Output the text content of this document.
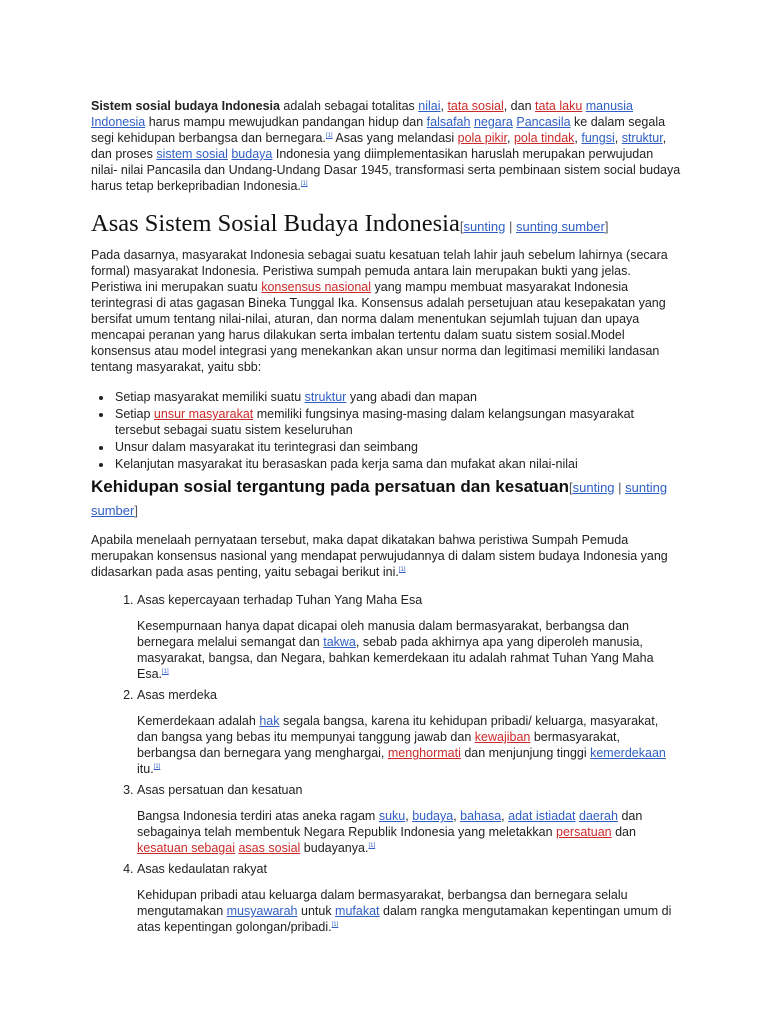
Sistem sosial budaya Indonesia adalah sebagai totalitas nilai, tata sosial, dan tata laku manusia Indonesia harus mampu mewujudkan pandangan hidup dan falsafah negara Pancasila ke dalam segala segi kehidupan berbangsa dan bernegara.[1] Asas yang melandasi pola pikir, pola tindak, fungsi, struktur, dan proses sistem sosial budaya Indonesia yang diimplementasikan haruslah merupakan perwujudan nilai- nilai Pancasila dan Undang-Undang Dasar 1945, transformasi serta pembinaan sistem social budaya harus tetap berkepribadian Indonesia.[1]

Asas Sistem Sosial Budaya Indonesia[sunting | sunting sumber]

Pada dasarnya, masyarakat Indonesia sebagai suatu kesatuan telah lahir jauh sebelum lahirnya (secara formal) masyarakat Indonesia. Peristiwa sumpah pemuda antara lain merupakan bukti yang jelas. Peristiwa ini merupakan suatu konsensus nasional yang mampu membuat masyarakat Indonesia terintegrasi di atas gagasan Bineka Tunggal Ika. Konsensus adalah persetujuan atau kesepakatan yang bersifat umum tentang nilai-nilai, aturan, dan norma dalam menentukan sejumlah tujuan dan upaya mencapai peranan yang harus dilakukan serta imbalan tertentu dalam suatu sistem sosial.Model konsensus atau model integrasi yang menekankan akan unsur norma dan legitimasi memiliki landasan tentang masyarakat, yaitu sbb:

• Setiap masyarakat memiliki suatu struktur yang abadi dan mapan
• Setiap unsur masyarakat memiliki fungsinya masing-masing dalam kelangsungan masyarakat tersebut sebagai suatu sistem keseluruhan
• Unsur dalam masyarakat itu terintegrasi dan seimbang
• Kelanjutan masyarakat itu berasaskan pada kerja sama dan mufakat akan nilai-nilai
Kehidupan sosial tergantung pada persatuan dan kesatuan[sunting | sunting sumber]

Apabila menelaah pernyataan tersebut, maka dapat dikatakan bahwa peristiwa Sumpah Pemuda merupakan konsensus nasional yang mendapat perwujudannya di dalam sistem budaya Indonesia yang didasarkan pada asas penting, yaitu sebagai berikut ini.[1]

1. Asas kepercayaan terhadap Tuhan Yang Maha Esa
Kesempurnaan hanya dapat dicapai oleh manusia dalam bermasyarakat, berbangsa dan bernegara melalui semangat dan takwa, sebab pada akhirnya apa yang diperoleh manusia, masyarakat, bangsa, dan Negara, bahkan kemerdekaan itu adalah rahmat Tuhan Yang Maha Esa.[1]
2. Asas merdeka
Kemerdekaan adalah hak segala bangsa, karena itu kehidupan pribadi/ keluarga, masyarakat, dan bangsa yang bebas itu mempunyai tanggung jawab dan kewajiban bermasyarakat, berbangsa dan bernegara yang menghargai, menghormati dan menjunjung tinggi kemerdekaan itu.[1]
3. Asas persatuan dan kesatuan
Bangsa Indonesia terdiri atas aneka ragam suku, budaya, bahasa, adat istiadat daerah dan sebagainya telah membentuk Negara Republik Indonesia yang meletakkan persatuan dan kesatuan sebagai asas sosial budayanya.[1]
4. Asas kedaulatan rakyat
Kehidupan pribadi atau keluarga dalam bermasyarakat, berbangsa dan bernegara selalu mengutamakan musyawarah untuk mufakat dalam rangka mengutamakan kepentingan umum di atas kepentingan golongan/pribadi.[1]
